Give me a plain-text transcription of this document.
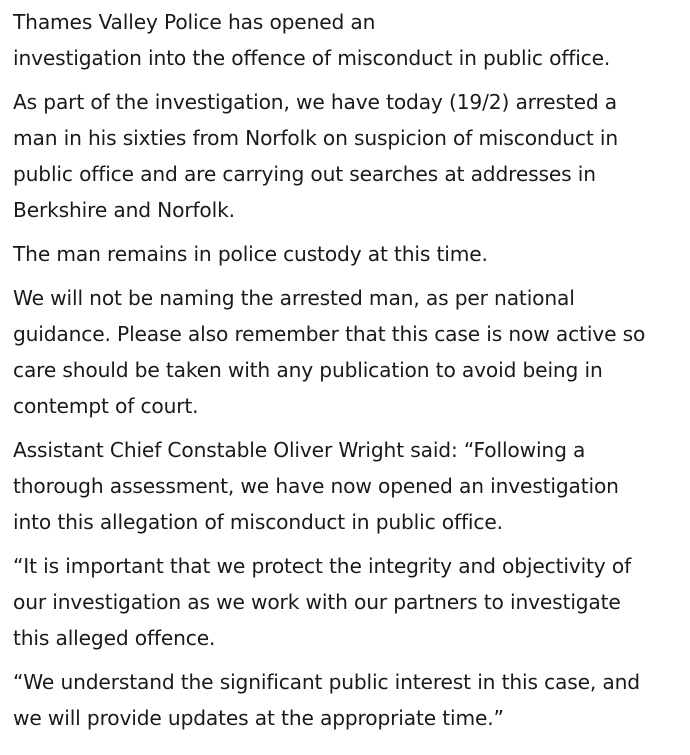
Thames Valley Police has opened an
investigation into the offence of misconduct in public office.

As part of the investigation, we have today (19/2) arrested a
man in his sixties from Norfolk on suspicion of misconduct in
public office and are carrying out searches at addresses in
Berkshire and Norfolk.

The man remains in police custody at this time.

We will not be naming the arrested man, as per national
guidance. Please also remember that this case is now active so
care should be taken with any publication to avoid being in
contempt of court.

Assistant Chief Constable Oliver Wright said: “Following a
thorough assessment, we have now opened an investigation
into this allegation of misconduct in public office.

“It is important that we protect the integrity and objectivity of
our investigation as we work with our partners to investigate
this alleged offence.

“We understand the significant public interest in this case, and
we will provide updates at the appropriate time.”
